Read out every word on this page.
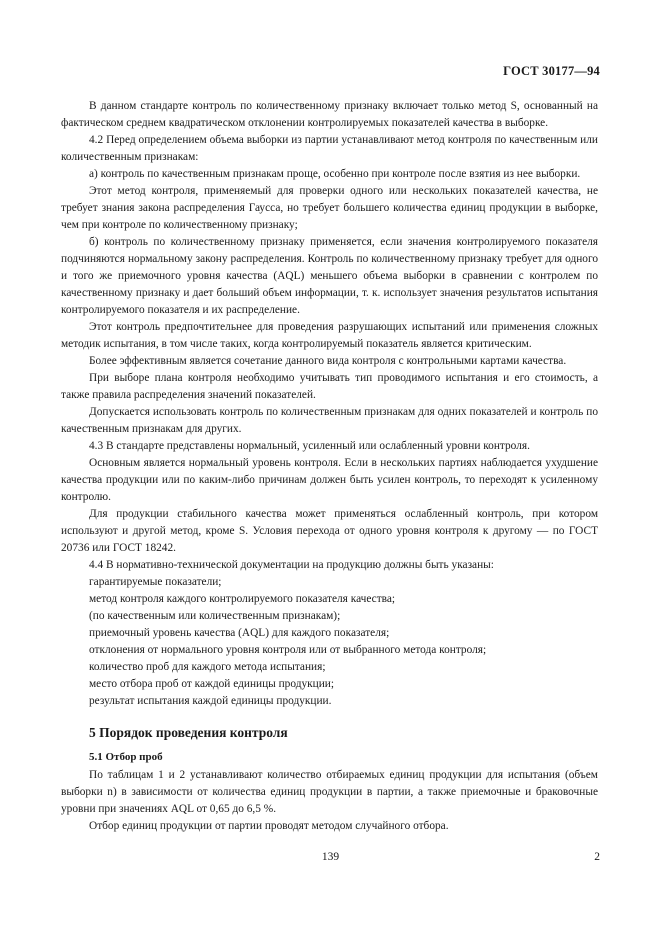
ГОСТ 30177—94

В данном стандарте контроль по количественному признаку включает только метод S, основанный на фактическом среднем квадратическом отклонении контролируемых показателей качества в выборке.

4.2 Перед определением объема выборки из партии устанавливают метод контроля по качественным или количественным признакам:

а) контроль по качественным признакам проще, особенно при контроле после взятия из нее выборки.

Этот метод контроля, применяемый для проверки одного или нескольких показателей качества, не требует знания закона распределения Гаусса, но требует большего количества единиц продукции в выборке, чем при контроле по количественному признаку;

б) контроль по количественному признаку применяется, если значения контролируемого показателя подчиняются нормальному закону распределения. Контроль по количественному признаку требует для одного и того же приемочного уровня качества (AQL) меньшего объема выборки в сравнении с контролем по качественному признаку и дает больший объем информации, т. к. использует значения результатов испытания контролируемого показателя и их распределение.

Этот контроль предпочтительнее для проведения разрушающих испытаний или применения сложных методик испытания, в том числе таких, когда контролируемый показатель является критическим.

Более эффективным является сочетание данного вида контроля с контрольными картами качества.

При выборе плана контроля необходимо учитывать тип проводимого испытания и его стоимость, а также правила распределения значений показателей.

Допускается использовать контроль по количественным признакам для одних показателей и контроль по качественным признакам для других.

4.3 В стандарте представлены нормальный, усиленный или ослабленный уровни контроля.

Основным является нормальный уровень контроля. Если в нескольких партиях наблюдается ухудшение качества продукции или по каким-либо причинам должен быть усилен контроль, то переходят к усиленному контролю.

Для продукции стабильного качества может применяться ослабленный контроль, при котором используют и другой метод, кроме S. Условия перехода от одного уровня контроля к другому — по ГОСТ 20736 или ГОСТ 18242.

4.4 В нормативно-технической документации на продукцию должны быть указаны:

гарантируемые показатели;

метод контроля каждого контролируемого показателя качества;

(по качественным или количественным признакам);

приемочный уровень качества (AQL) для каждого показателя;

отклонения от нормального уровня контроля или от выбранного метода контроля;

количество проб для каждого метода испытания;

место отбора проб от каждой единицы продукции;

результат испытания каждой единицы продукции.

5 Порядок проведения контроля
5.1 Отбор проб

По таблицам 1 и 2 устанавливают количество отбираемых единиц продукции для испытания (объем выборки n) в зависимости от количества единиц продукции в партии, а также приемочные и браковочные уровни при значениях AQL от 0,65 до 6,5 %.

Отбор единиц продукции от партии проводят методом случайного отбора.

139	2
